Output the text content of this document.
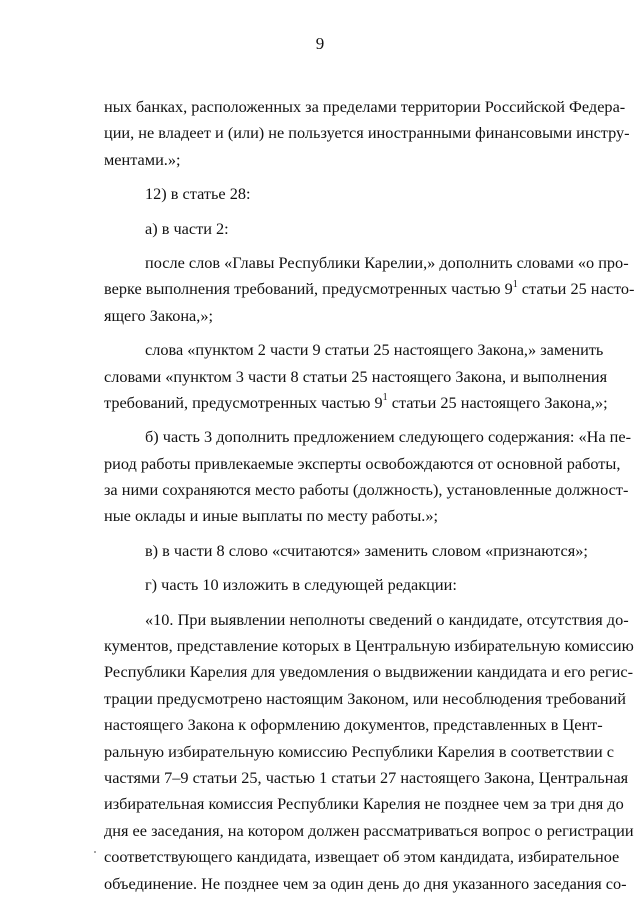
9
ных банках, расположенных за пределами территории Российской Федера-
ции, не владеет и (или) не пользуется иностранными финансовыми инстру-
ментами.»;
12) в статье 28:
а) в части 2:
после слов «Главы Республики Карелии,» дополнить словами «о про-
верке выполнения требований, предусмотренных частью $9^1$ статьи 25 насто-
ящего Закона,»;
слова «пунктом 2 части 9 статьи 25 настоящего Закона,» заменить
словами «пунктом 3 части 8 статьи 25 настоящего Закона, и выполнения
требований, предусмотренных частью $9^1$ статьи 25 настоящего Закона,»;
б) часть 3 дополнить предложением следующего содержания: «На пе-
риод работы привлекаемые эксперты освобождаются от основной работы,
за ними сохраняются место работы (должность), установленные должност-
ные оклады и иные выплаты по месту работы.»;
в) в части 8 слово «считаются» заменить словом «признаются»;
г) часть 10 изложить в следующей редакции:
«10. При выявлении неполноты сведений о кандидате, отсутствия до-
кументов, представление которых в Центральную избирательную комиссию
Республики Карелия для уведомления о выдвижении кандидата и его регис-
трации предусмотрено настоящим Законом, или несоблюдения требований
настоящего Закона к оформлению документов, представленных в Цент-
ральную избирательную комиссию Республики Карелия в соответствии с
частями 7–9 статьи 25, частью 1 статьи 27 настоящего Закона, Центральная
избирательная комиссия Республики Карелия не позднее чем за три дня до
дня ее заседания, на котором должен рассматриваться вопрос о регистрации
соответствующего кандидата, извещает об этом кандидата, избирательное
объединение. Не позднее чем за один день до дня указанного заседания со-
